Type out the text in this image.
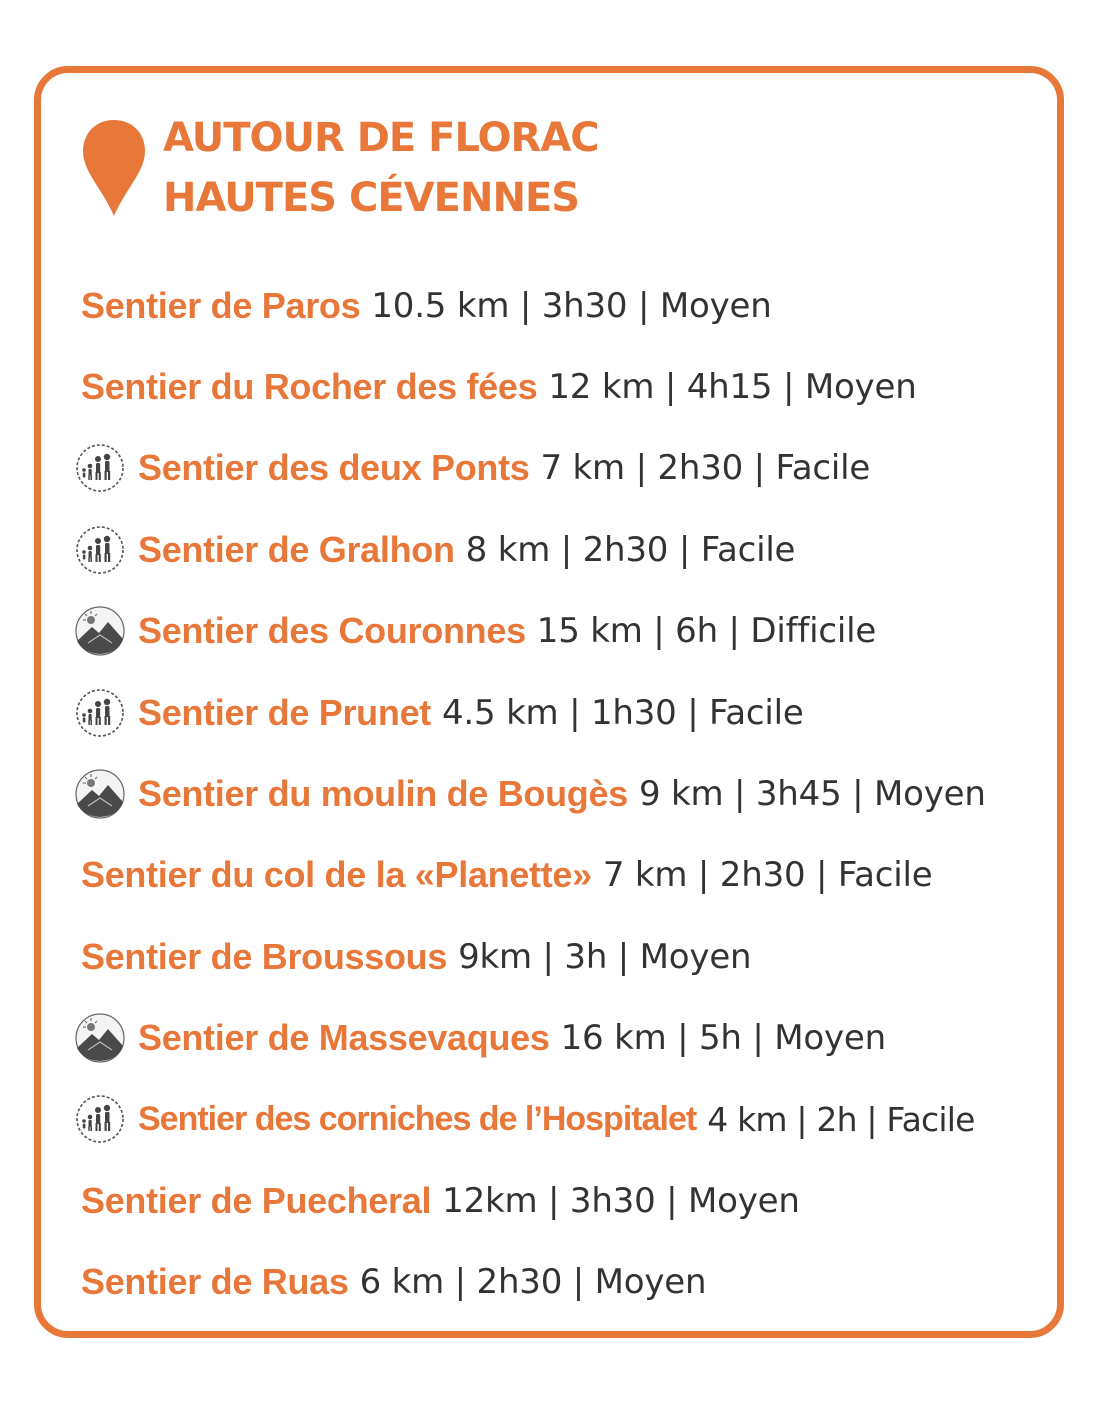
AUTOUR DE FLORAC
HAUTES CÉVENNES
Sentier de Paros 10.5 km | 3h30 | Moyen
Sentier du Rocher des fées 12 km | 4h15 | Moyen
Sentier des deux Ponts 7 km | 2h30 | Facile
Sentier de Gralhon 8 km | 2h30 | Facile
Sentier des Couronnes 15 km | 6h | Difficile
Sentier de Prunet 4.5 km | 1h30 | Facile
Sentier du moulin de Bougès 9 km | 3h45 | Moyen
Sentier du col de la «Planette» 7 km | 2h30 | Facile
Sentier de Broussous 9km | 3h | Moyen
Sentier de Massevaques 16 km | 5h | Moyen
Sentier des corniches de l’Hospitalet 4 km | 2h | Facile
Sentier de Puecheral 12km | 3h30 | Moyen
Sentier de Ruas 6 km | 2h30 | Moyen
